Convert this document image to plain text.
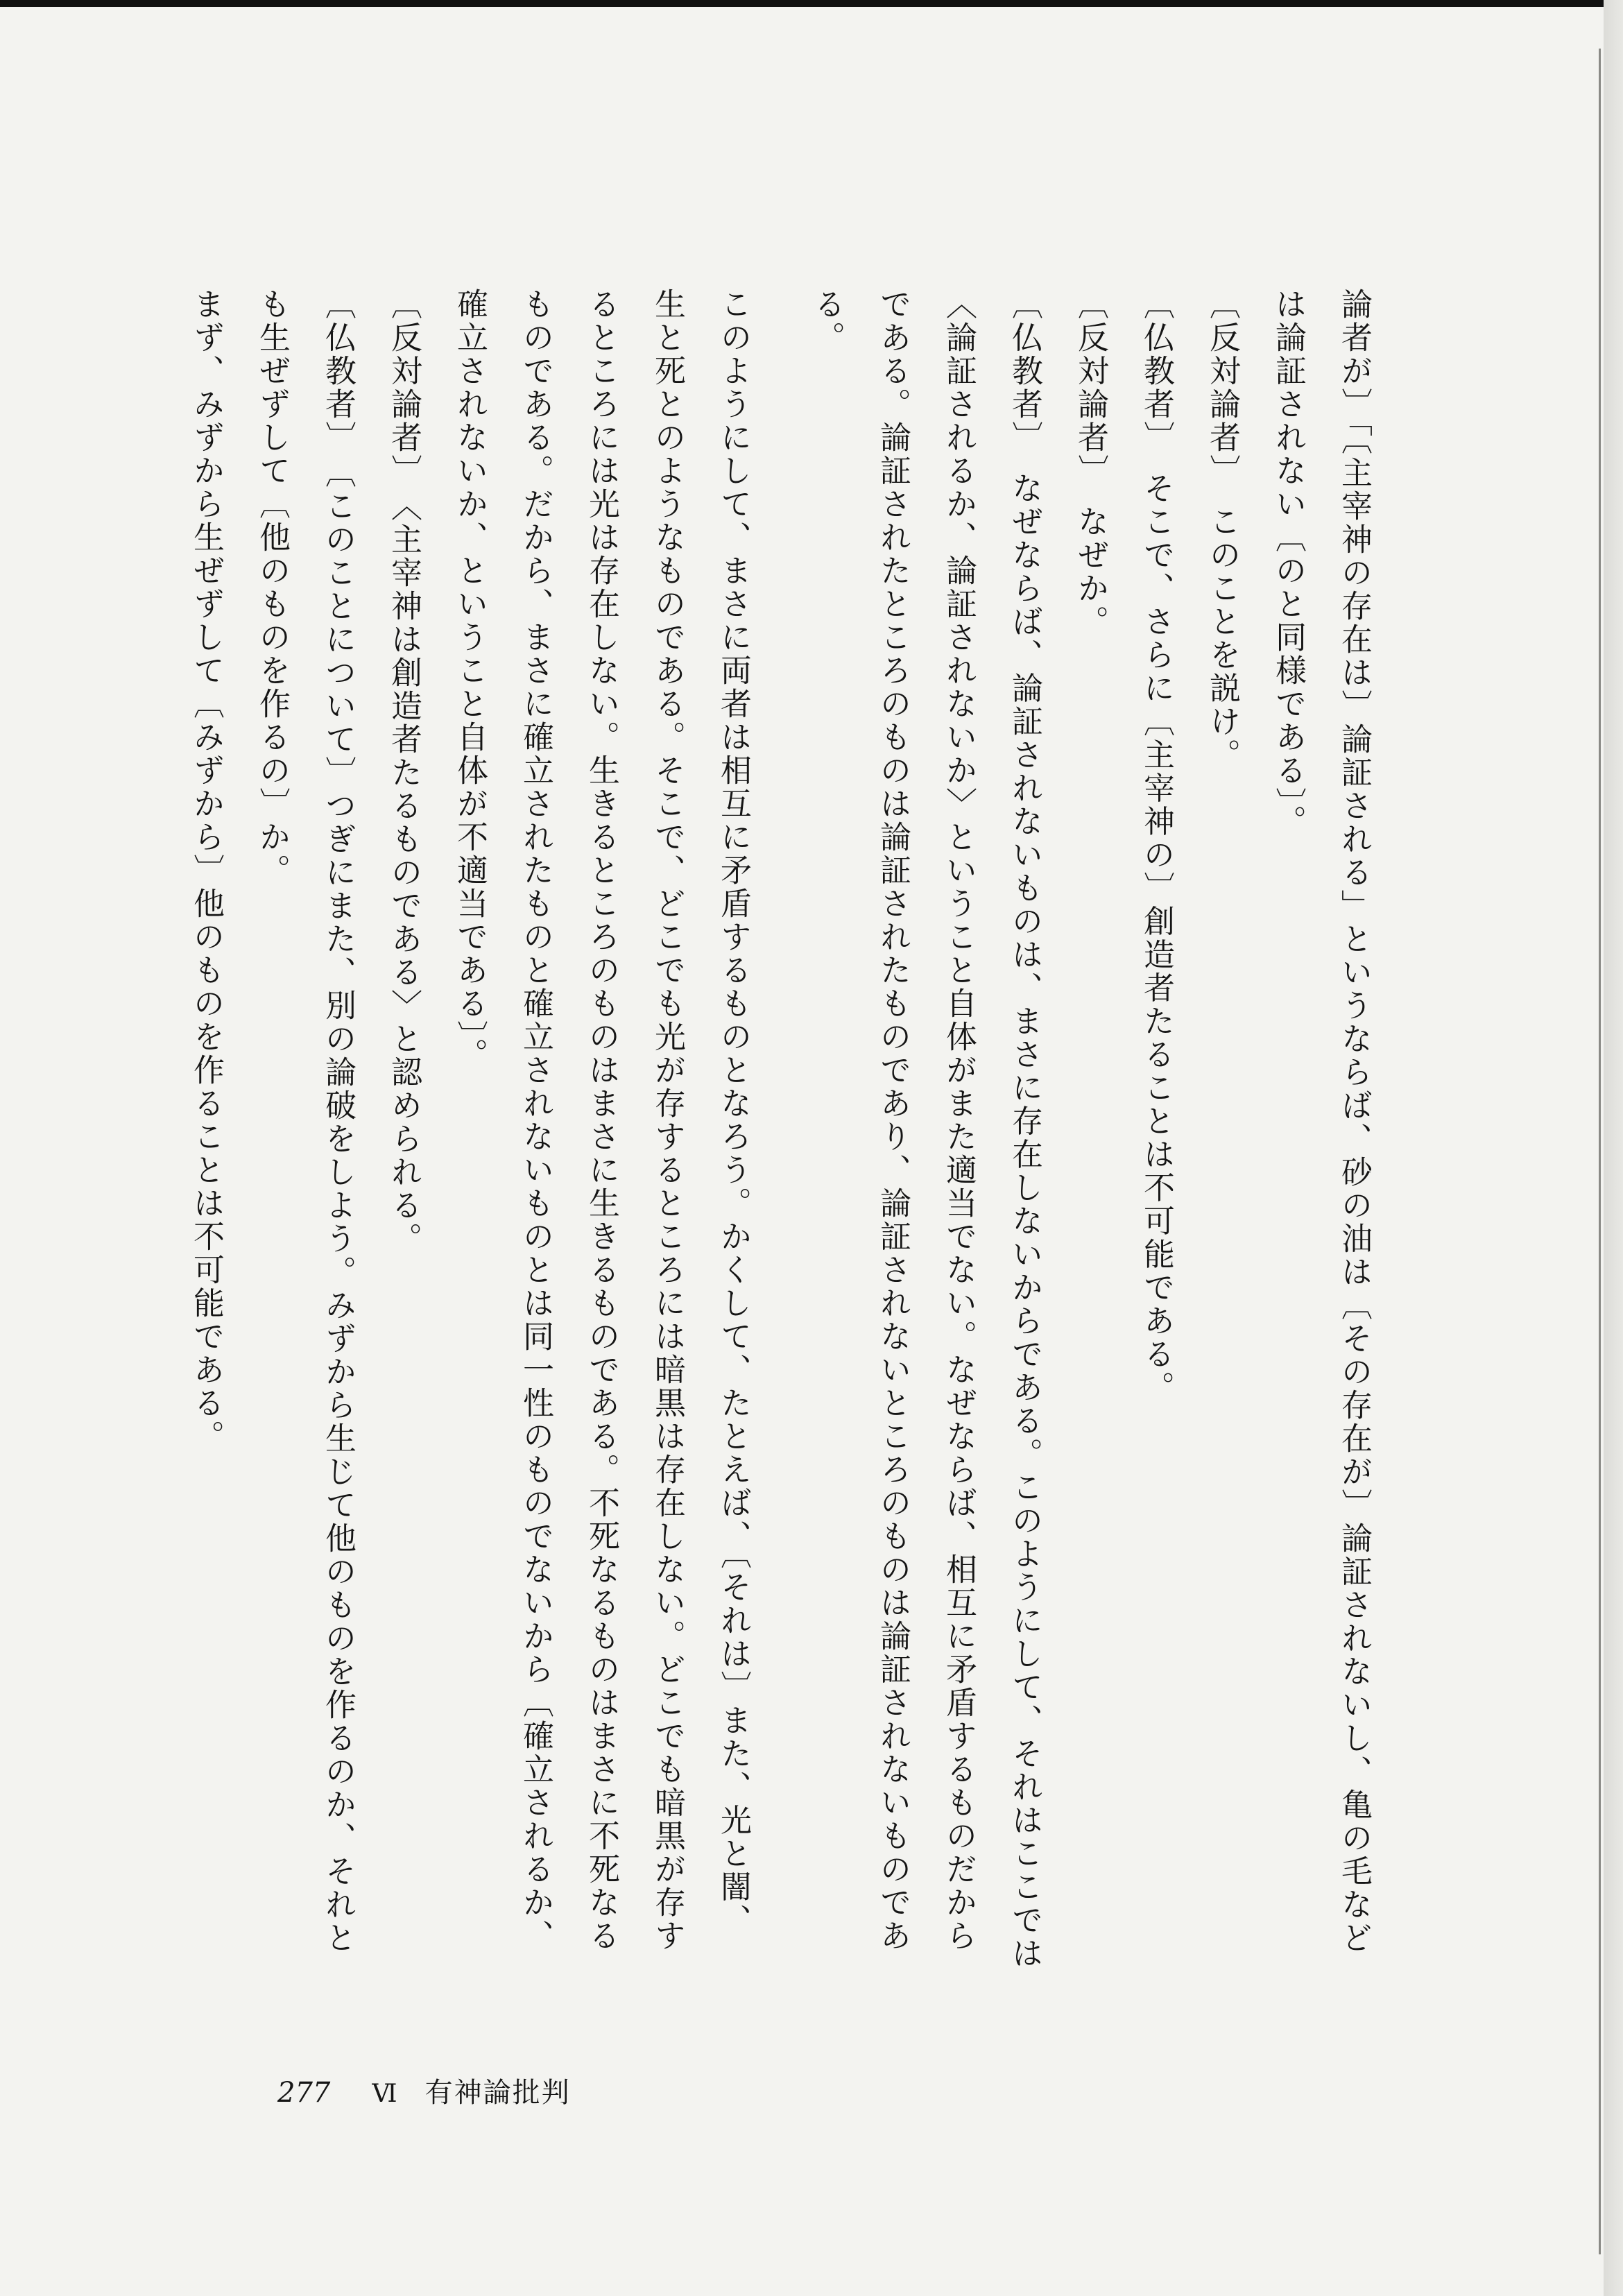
論者が〕「〔主宰神の存在は〕論証される」というならば、砂の油は〔その存在が〕論証されないし、亀の毛など
は論証されない〔のと同様である〕。
〔反対論者〕　このことを説け。
〔仏教者〕　そこで、さらに〔主宰神の〕創造者たることは不可能である。
〔反対論者〕　なぜか。
〔仏教者〕　なぜならば、論証されないものは、まさに存在しないからである。このようにして、それはここでは
〈論証されるか、論証されないか〉ということ自体がまた適当でない。なぜならば、相互に矛盾するものだから
である。論証されたところのものは論証されたものであり、論証されないところのものは論証されないものであ
る。
このようにして、まさに両者は相互に矛盾するものとなろう。かくして、たとえば、〔それは〕また、光と闇、
生と死とのようなものである。そこで、どこでも光が存するところには暗黒は存在しない。どこでも暗黒が存す
るところには光は存在しない。生きるところのものはまさに生きるものである。不死なるものはまさに不死なる
ものである。だから、まさに確立されたものと確立されないものとは同一性のものでないから〔確立されるか、
確立されないか、ということ自体が不適当である〕。
〔反対論者〕　〈主宰神は創造者たるものである〉と認められる。
〔仏教者〕　〔このことについて〕つぎにまた、別の論破をしよう。みずから生じて他のものを作るのか、それと
も生ぜずして〔他のものを作るの〕か。
まず、みずから生ぜずして〔みずから〕他のものを作ることは不可能である。
277 Ⅵ 有神論批判
